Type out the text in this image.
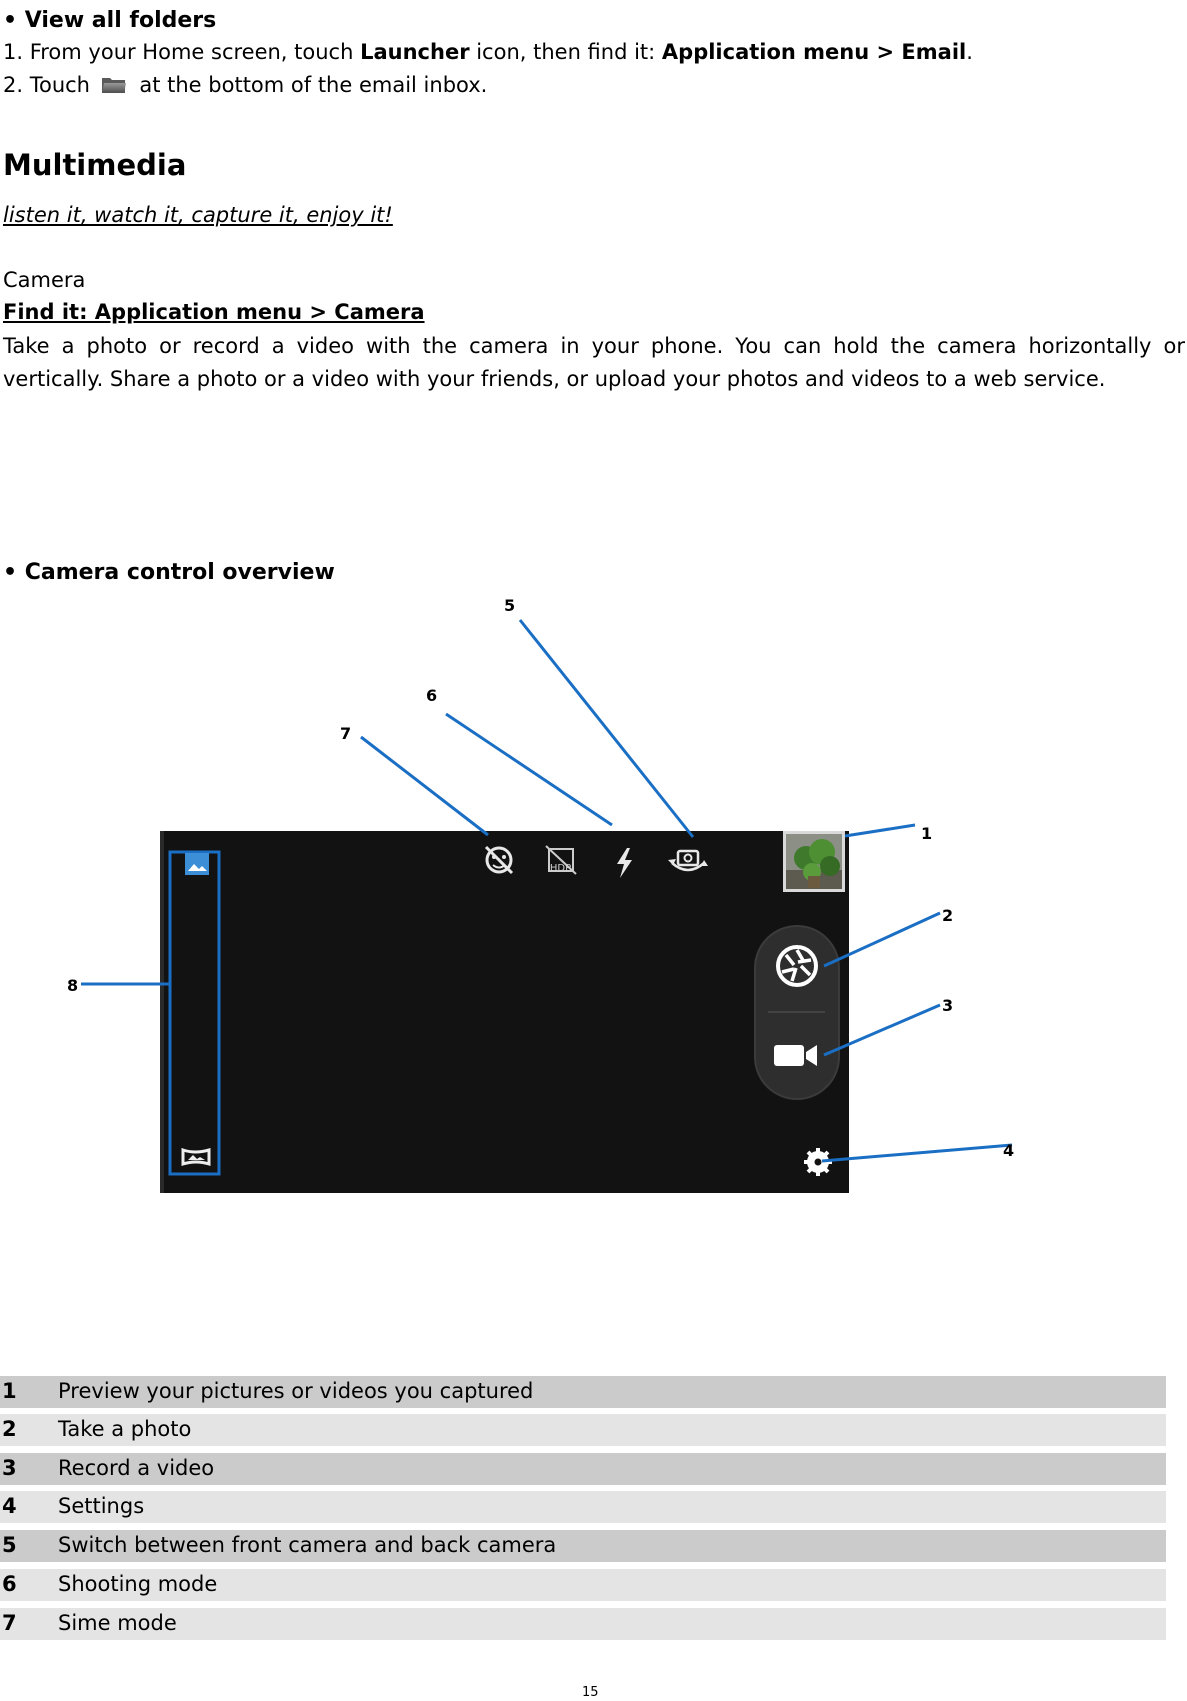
• View all folders
1. From your Home screen, touch Launcher icon, then find it: Application menu > Email.
2. Touch at the bottom of the email inbox.
Multimedia
listen it, watch it, capture it, enjoy it!
Camera
Find it: Application menu > Camera
Take a photo or record a video with the camera in your phone. You can hold the camera horizontally or vertically. Share a photo or a video with your friends, or upload your photos and videos to a web service.
• Camera control overview
HDR
5
6
7
1
2
3
4
8
1 Preview your pictures or videos you captured
2 Take a photo
3 Record a video
4 Settings
5 Switch between front camera and back camera
6 Shooting mode
7 Sime mode
15
